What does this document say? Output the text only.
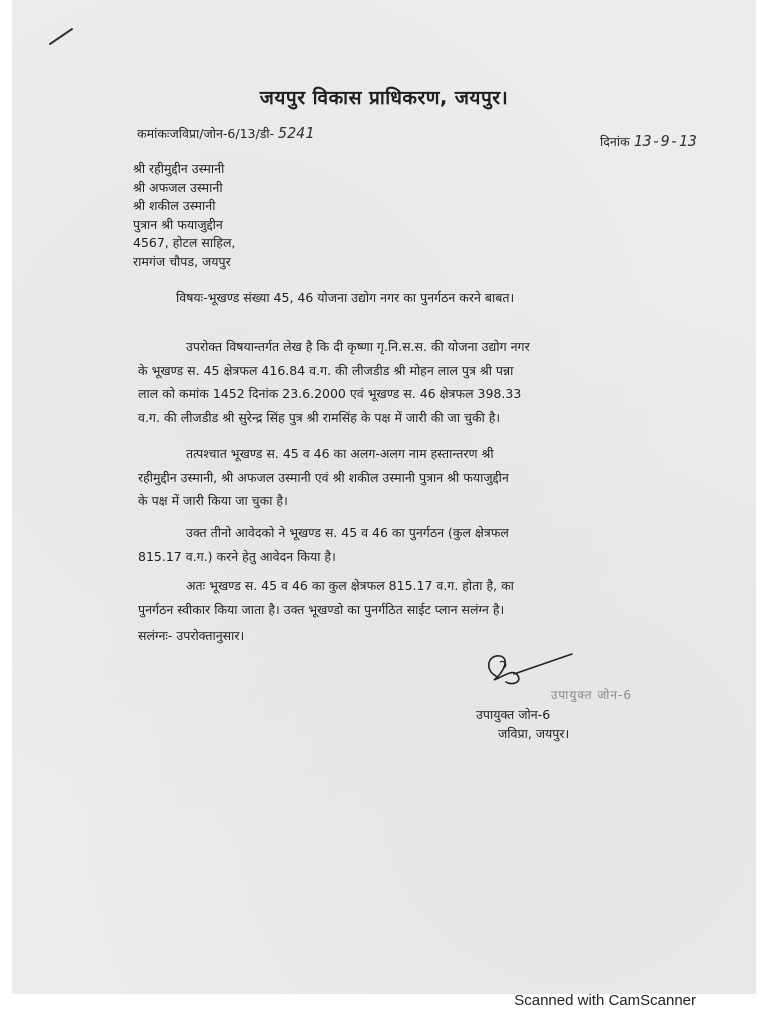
जयपुर विकास प्राधिकरण, जयपुर।
कमांकःजविप्रा/जोन-6/13/डी- 5241	दिनांक 13-9-13
श्री रहीमुद्दीन उस्मानी
श्री अफजल उस्मानी
श्री शकील उस्मानी
पुत्रान श्री फयाजुद्दीन
4567, होटल साहिल,
रामगंज चौपड, जयपुर
विषयः-भूखण्ड संख्या 45, 46 योजना उद्योग नगर का पुनर्गठन करने बाबत।
उपरोक्त विषयान्तर्गत लेख है कि दी कृष्णा गृ.नि.स.स. की योजना उद्योग नगर
के भूखण्ड स. 45 क्षेत्रफल 416.84 व.ग. की लीजडीड श्री मोहन लाल पुत्र श्री पन्ना
लाल को कमांक 1452 दिनांक 23.6.2000 एवं भूखण्ड स. 46 क्षेत्रफल 398.33
व.ग. की लीजडीड श्री सुरेन्द्र सिंह पुत्र श्री रामसिंह के पक्ष में जारी की जा चुकी है।
तत्पश्चात भूखण्ड स. 45 व 46 का अलग-अलग नाम हस्तान्तरण श्री
रहीमुद्दीन उस्मानी, श्री अफजल उस्मानी एवं श्री शकील उस्मानी पुत्रान श्री फयाजुद्दीन
के पक्ष में जारी किया जा चुका है।
उक्त तीनो आवेदको ने भूखण्ड स. 45 व 46 का पुनर्गठन (कुल क्षेत्रफल
815.17 व.ग.) करने हेतु आवेदन किया है।
अतः भूखण्ड स. 45 व 46 का कुल क्षेत्रफल 815.17 व.ग. होता है, का
पुनर्गठन स्वीकार किया जाता है। उक्त भूखण्डो का पुनर्गठित साईट प्लान सलंग्न है।
सलंग्नः- उपरोक्तानुसार।
उपायुक्त जोन-6
उपायुक्त जोन-6
जविप्रा, जयपुर।
Scanned with CamScanner
